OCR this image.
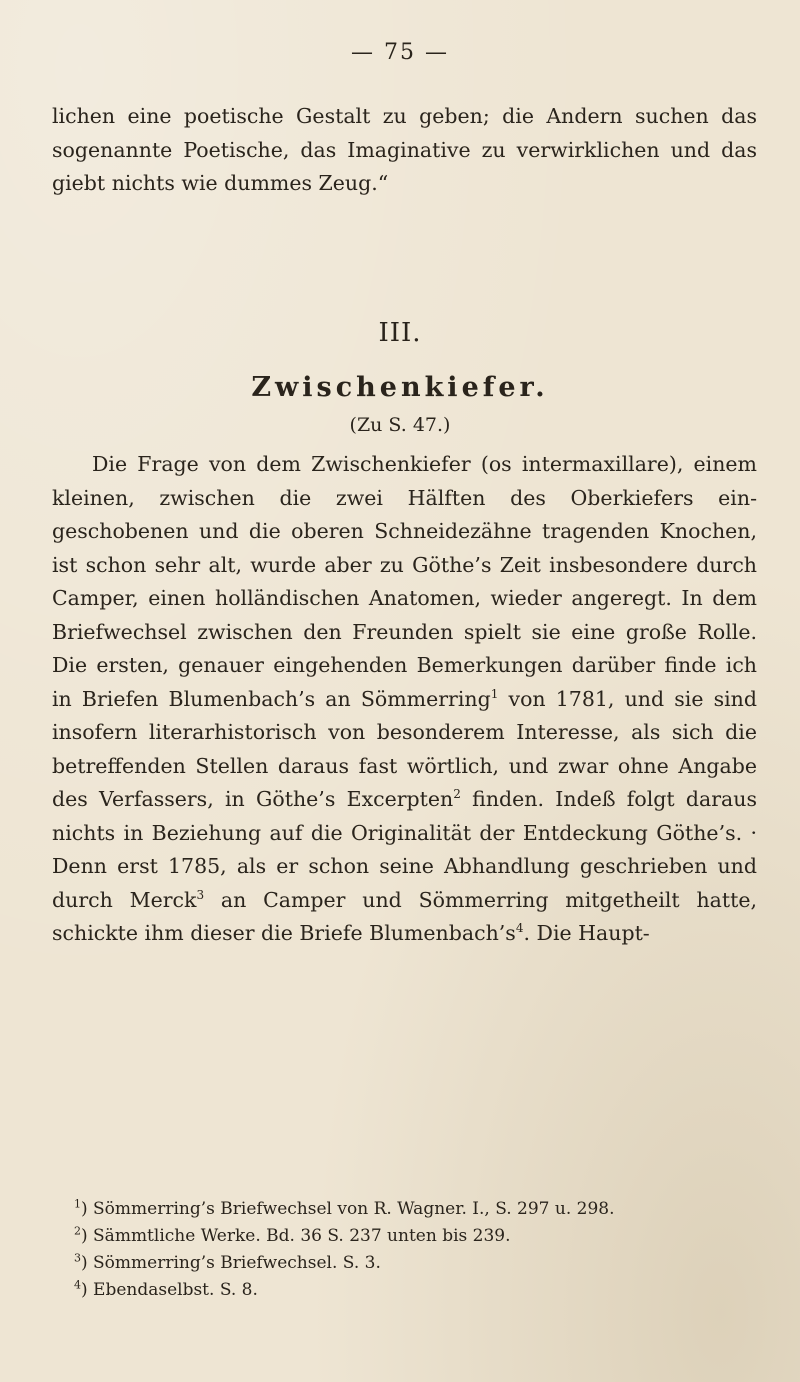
— 75 —

lichen eine poetische Gestalt zu geben; die Andern suchen das sogenannte Poetische, das Imaginative zu verwirklichen und das giebt nichts wie dummes Zeug.“

III.
Zwischenkiefer.
(Zu S. 47.)

Die Frage von dem Zwischenkiefer (os intermaxillare), einem kleinen, zwischen die zwei Hälften des Oberkiefers eingeschobenen und die oberen Schneidezähne tragenden Knochen, ist schon sehr alt, wurde aber zu Göthe’s Zeit insbesondere durch Camper, einen holländischen Anatomen, wieder angeregt. In dem Briefwechsel zwischen den Freunden spielt sie eine große Rolle. Die ersten, genauer eingehenden Bemerkungen darüber finde ich in Briefen Blumenbach’s an Sömmerring$^1$ von 1781, und sie sind insofern literarhistorisch von besonderem Interesse, als sich die betreffenden Stellen daraus fast wörtlich, und zwar ohne Angabe des Verfassers, in Göthe’s Excerpten$^2$ finden. Indeß folgt daraus nichts in Beziehung auf die Originalität der Entdeckung Göthe’s. · Denn erst 1785, als er schon seine Abhandlung geschrieben und durch Merck$^3$ an Camper und Sömmerring mitgetheilt hatte, schickte ihm dieser die Briefe $Blumenbach’s^4$. Die Haupt-

$^1$) Sömmerring’s Briefwechsel von R. Wagner. I., S. 297 u. 298.

$^2$) Sämmtliche Werke. Bd. 36 S. 237 unten bis 239.

$^3$) Sömmerring’s Briefwechsel. S. 3.

$^4$) Ebendaselbst. S. 8.
